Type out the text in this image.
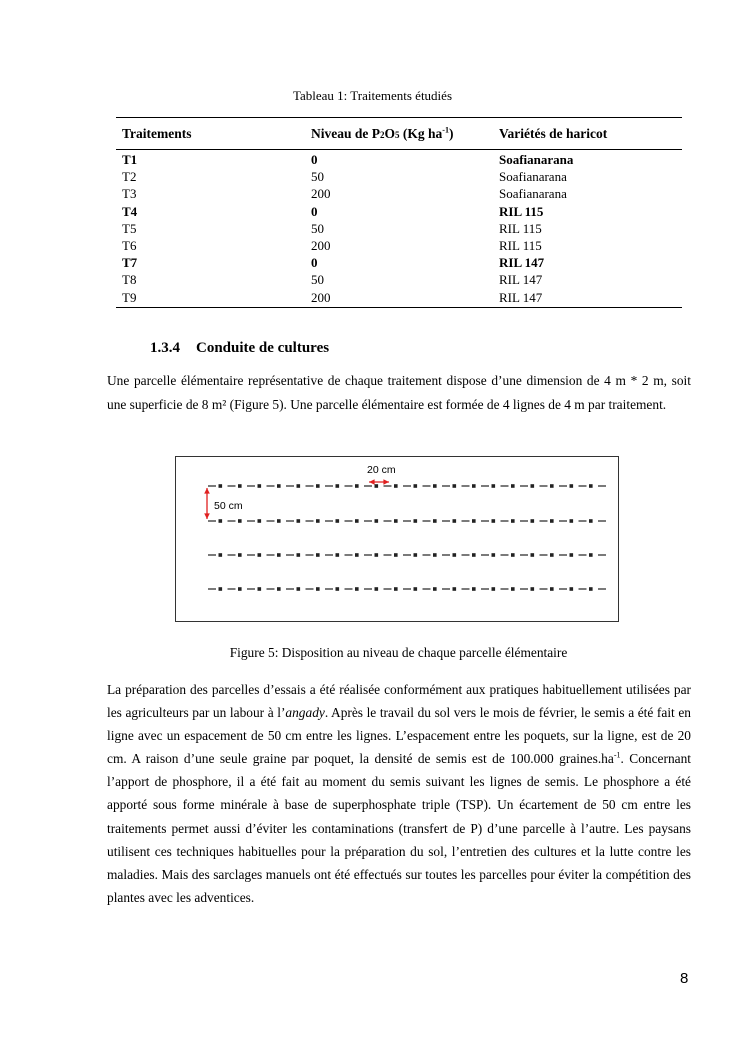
Tableau 1: Traitements étudiés
Traitements	Niveau de P2O5 (Kg $ha^{-1}$)	Variétés de haricot
T1	0	Soafianarana
T2	50	Soafianarana
T3	200	Soafianarana
T4	0	RIL 115
T5	50	RIL 115
T6	200	RIL 115
T7	0	RIL 147
T8	50	RIL 147
T9	200	RIL 147
1.3.4 Conduite de cultures
Une parcelle élémentaire représentative de chaque traitement dispose d’une dimension de 4 m * 2 m, soit une superficie de 8 m² (Figure 5). Une parcelle élémentaire est formée de 4 lignes de 4 m par traitement.
20 cm
50 cm
Figure 5: Disposition au niveau de chaque parcelle élémentaire
La préparation des parcelles d’essais a été réalisée conformément aux pratiques habituellement utilisées par les agriculteurs par un labour à l’angady. Après le travail du sol vers le mois de février, le semis a été fait en ligne avec un espacement de 50 cm entre les lignes. L’espacement entre les poquets, sur la ligne, est de 20 cm. A raison d’une seule graine par poquet, la densité de semis est de 100.000 $graines.ha^{-1}$. Concernant l’apport de phosphore, il a été fait au moment du semis suivant les lignes de semis. Le phosphore a été apporté sous forme minérale à base de superphosphate triple (TSP). Un écartement de 50 cm entre les traitements permet aussi d’éviter les contaminations (transfert de P) d’une parcelle à l’autre. Les paysans utilisent ces techniques habituelles pour la préparation du sol, l’entretien des cultures et la lutte contre les maladies. Mais des sarclages manuels ont été effectués sur toutes les parcelles pour éviter la compétition des plantes avec les adventices.
8
